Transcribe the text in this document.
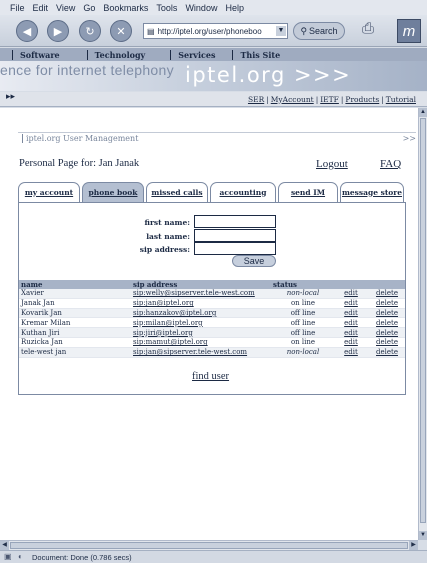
File Edit View Go Bookmarks Tools Window Help
◀ ▶ ↻ ✕	▤ http://iptel.org/user/phoneboo ▼ ⚲ Search ⎙	m
Software	Technology	Services	This Site
ence for internet telephony iptel.org >>>
▸▸	SER | MyAccount | IETF | Products | Tutorial
iptel.org User Management	>>
Personal Page for: Jan Janak	Logout	FAQ
my account	phone book	missed calls	accounting	send IM	message store
first name:
last name:
sip address:
Save
name	sip address	status
Xavier	sip:welly@sipserver.tele-west.com	non-local	edit	delete
Janak Jan	sip:jan@iptel.org	on line	edit	delete
Kovarik Jan	sip:hanzakov@iptel.org	off line	edit	delete
Kremar Milan	sip:milan@iptel.org	off line	edit	delete
Kuthan Jiri	sip:jiri@iptel.org	off line	edit	delete
Ruzicka Jan	sip:mamut@iptel.org	on line	edit	delete
tele-west jan	sip:jan@sipserver.tele-west.com	non-local	edit	delete
find user
▲
▼
◀	▶
▣ ◐	Document: Done (0.786 secs)
